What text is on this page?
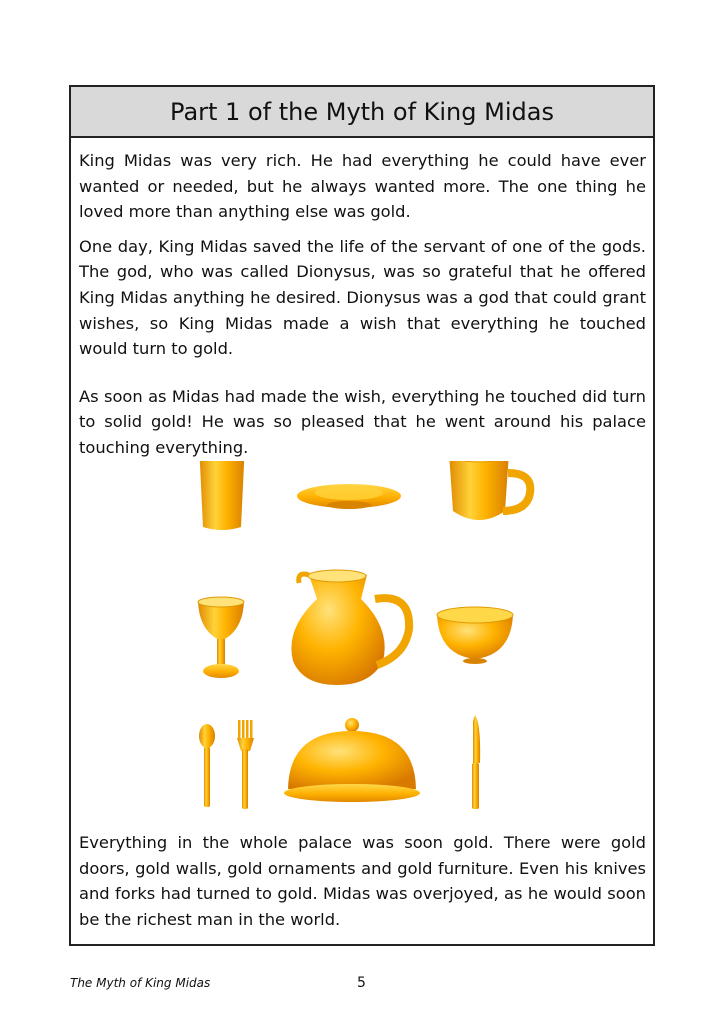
Part 1 of the Myth of King Midas

King Midas was very rich. He had everything he could have ever wanted or needed, but he always wanted more. The one thing he loved more than anything else was gold.

One day, King Midas saved the life of the servant of one of the gods. The god, who was called Dionysus, was so grateful that he offered King Midas anything he desired. Dionysus was a god that could grant wishes, so King Midas made a wish that everything he touched would turn to gold.

As soon as Midas had made the wish, everything he touched did turn to solid gold! He was so pleased that he went around his palace touching everything.

Everything in the whole palace was soon gold. There were gold doors, gold walls, gold ornaments and gold furniture. Even his knives and forks had turned to gold. Midas was overjoyed, as he would soon be the richest man in the world.

The Myth of King Midas	5
